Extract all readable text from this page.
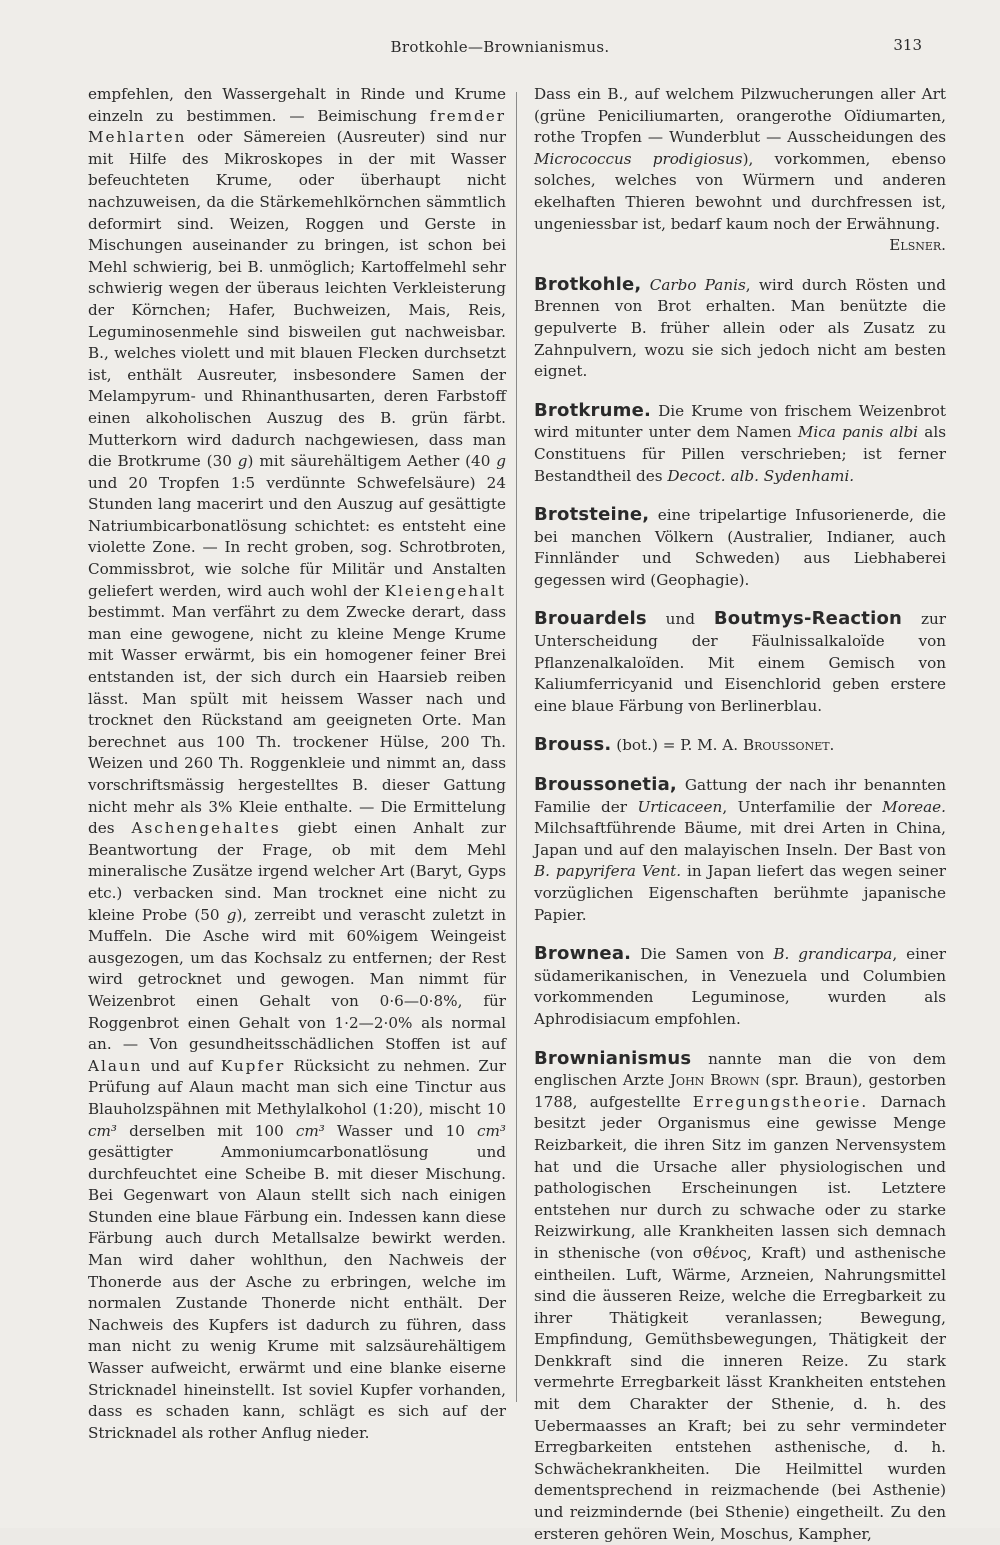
Brotkohle—Brownianismus.	313

empfehlen, den Wassergehalt in Rinde und Krume einzeln zu bestimmen. — Beimischung fremder Mehlarten oder Sämereien (Ausreuter) sind nur mit Hilfe des Mikroskopes in der mit Wasser befeuchteten Krume, oder überhaupt nicht nachzuweisen, da die Stärkemehlkörnchen sämmtlich deformirt sind. Weizen, Roggen und Gerste in Mischungen auseinander zu bringen, ist schon bei Mehl schwierig, bei B. unmöglich; Kartoffelmehl sehr schwierig wegen der überaus leichten Verkleisterung der Körnchen; Hafer, Buchweizen, Mais, Reis, Leguminosenmehle sind bisweilen gut nachweisbar. B., welches violett und mit blauen Flecken durchsetzt ist, enthält Ausreuter, insbesondere Samen der Melampyrum- und Rhinanthusarten, deren Farbstoff einen alkoholischen Auszug des B. grün färbt. Mutterkorn wird dadurch nachgewiesen, dass man die Brotkrume (30 g) mit säurehältigem Aether (40 g und 20 Tropfen 1:5 verdünnte Schwefelsäure) 24 Stunden lang macerirt und den Auszug auf gesättigte Natriumbicarbonatlösung schichtet: es entsteht eine violette Zone. — In recht groben, sog. Schrotbroten, Commissbrot, wie solche für Militär und Anstalten geliefert werden, wird auch wohl der Kleiengehalt bestimmt. Man verfährt zu dem Zwecke derart, dass man eine gewogene, nicht zu kleine Menge Krume mit Wasser erwärmt, bis ein homogener feiner Brei entstanden ist, der sich durch ein Haarsieb reiben lässt. Man spült mit heissem Wasser nach und trocknet den Rückstand am geeigneten Orte. Man berechnet aus 100 Th. trockener Hülse, 200 Th. Weizen und 260 Th. Roggenkleie und nimmt an, dass vorschriftsmässig hergestelltes B. dieser Gattung nicht mehr als 3% Kleie enthalte. — Die Ermittelung des Aschengehaltes giebt einen Anhalt zur Beantwortung der Frage, ob mit dem Mehl mineralische Zusätze irgend welcher Art (Baryt, Gyps etc.) verbacken sind. Man trocknet eine nicht zu kleine Probe (50 g), zerreibt und verascht zuletzt in Muffeln. Die Asche wird mit 60%igem Weingeist ausgezogen, um das Kochsalz zu entfernen; der Rest wird getrocknet und gewogen. Man nimmt für Weizenbrot einen Gehalt von 0·6—0·8%, für Roggenbrot einen Gehalt von 1·2—2·0% als normal an. — Von gesundheitsschädlichen Stoffen ist auf Alaun und auf Kupfer Rücksicht zu nehmen. Zur Prüfung auf Alaun macht man sich eine Tinctur aus Blauholzspähnen mit Methylalkohol (1:20), mischt 10 cm³ derselben mit 100 cm³ Wasser und 10 cm³ gesättigter Ammoniumcarbonatlösung und durchfeuchtet eine Scheibe B. mit dieser Mischung. Bei Gegenwart von Alaun stellt sich nach einigen Stunden eine blaue Färbung ein. Indessen kann diese Färbung auch durch Metallsalze bewirkt werden. Man wird daher wohlthun, den Nachweis der Thonerde aus der Asche zu erbringen, welche im normalen Zustande Thonerde nicht enthält. Der Nachweis des Kupfers ist dadurch zu führen, dass man nicht zu wenig Krume mit salzsäurehältigem Wasser aufweicht, erwärmt und eine blanke eiserne Stricknadel hineinstellt. Ist soviel Kupfer vorhanden, dass es schaden kann, schlägt es sich auf der Stricknadel als rother Anflug nieder.

Dass ein B., auf welchem Pilzwucherungen aller Art (grüne Peniciliumarten, orangerothe Oïdiumarten, rothe Tropfen — Wunderblut — Ausscheidungen des Micrococcus prodigiosus), vorkommen, ebenso solches, welches von Würmern und anderen ekelhaften Thieren bewohnt und durchfressen ist, ungeniessbar ist, bedarf kaum noch der Erwähnung.

Elsner.

Brotkohle, Carbo Panis, wird durch Rösten und Brennen von Brot erhalten. Man benützte die gepulverte B. früher allein oder als Zusatz zu Zahnpulvern, wozu sie sich jedoch nicht am besten eignet.

Brotkrume. Die Krume von frischem Weizenbrot wird mitunter unter dem Namen Mica panis albi als Constituens für Pillen verschrieben; ist ferner Bestandtheil des Decoct. alb. Sydenhami.

Brotsteine, eine tripelartige Infusorienerde, die bei manchen Völkern (Australier, Indianer, auch Finnländer und Schweden) aus Liebhaberei gegessen wird (Geophagie).

Brouardels und Boutmys-Reaction zur Unterscheidung der Fäulnissalkaloïde von Pflanzenalkaloïden. Mit einem Gemisch von Kaliumferricyanid und Eisenchlorid geben erstere eine blaue Färbung von Berlinerblau.

Brouss. (bot.) = P. M. A. Broussonet.

Broussonetia, Gattung der nach ihr benannten Familie der Urticaceen, Unterfamilie der Moreae. Milchsaftführende Bäume, mit drei Arten in China, Japan und auf den malayischen Inseln. Der Bast von B. papyrifera Vent. in Japan liefert das wegen seiner vorzüglichen Eigenschaften berühmte japanische Papier.

Brownea. Die Samen von B. grandicarpa, einer südamerikanischen, in Venezuela und Columbien vorkommenden Leguminose, wurden als Aphrodisiacum empfohlen.

Brownianismus nannte man die von dem englischen Arzte John Brown (spr. Braun), gestorben 1788, aufgestellte Erregungstheorie. Darnach besitzt jeder Organismus eine gewisse Menge Reizbarkeit, die ihren Sitz im ganzen Nervensystem hat und die Ursache aller physiologischen und pathologischen Erscheinungen ist. Letztere entstehen nur durch zu schwache oder zu starke Reizwirkung, alle Krankheiten lassen sich demnach in sthenische (von σθένος, Kraft) und asthenische eintheilen. Luft, Wärme, Arzneien, Nahrungsmittel sind die äusseren Reize, welche die Erregbarkeit zu ihrer Thätigkeit veranlassen; Bewegung, Empfindung, Gemüthsbewegungen, Thätigkeit der Denkkraft sind die inneren Reize. Zu stark vermehrte Erregbarkeit lässt Krankheiten entstehen mit dem Charakter der Sthenie, d. h. des Uebermaasses an Kraft; bei zu sehr vermindeter Erregbarkeiten entstehen asthenische, d. h. Schwächekrankheiten. Die Heilmittel wurden dementsprechend in reizmachende (bei Asthenie) und reizmindernde (bei Sthenie) eingetheilt. Zu den ersteren gehören Wein, Moschus, Kampher,
